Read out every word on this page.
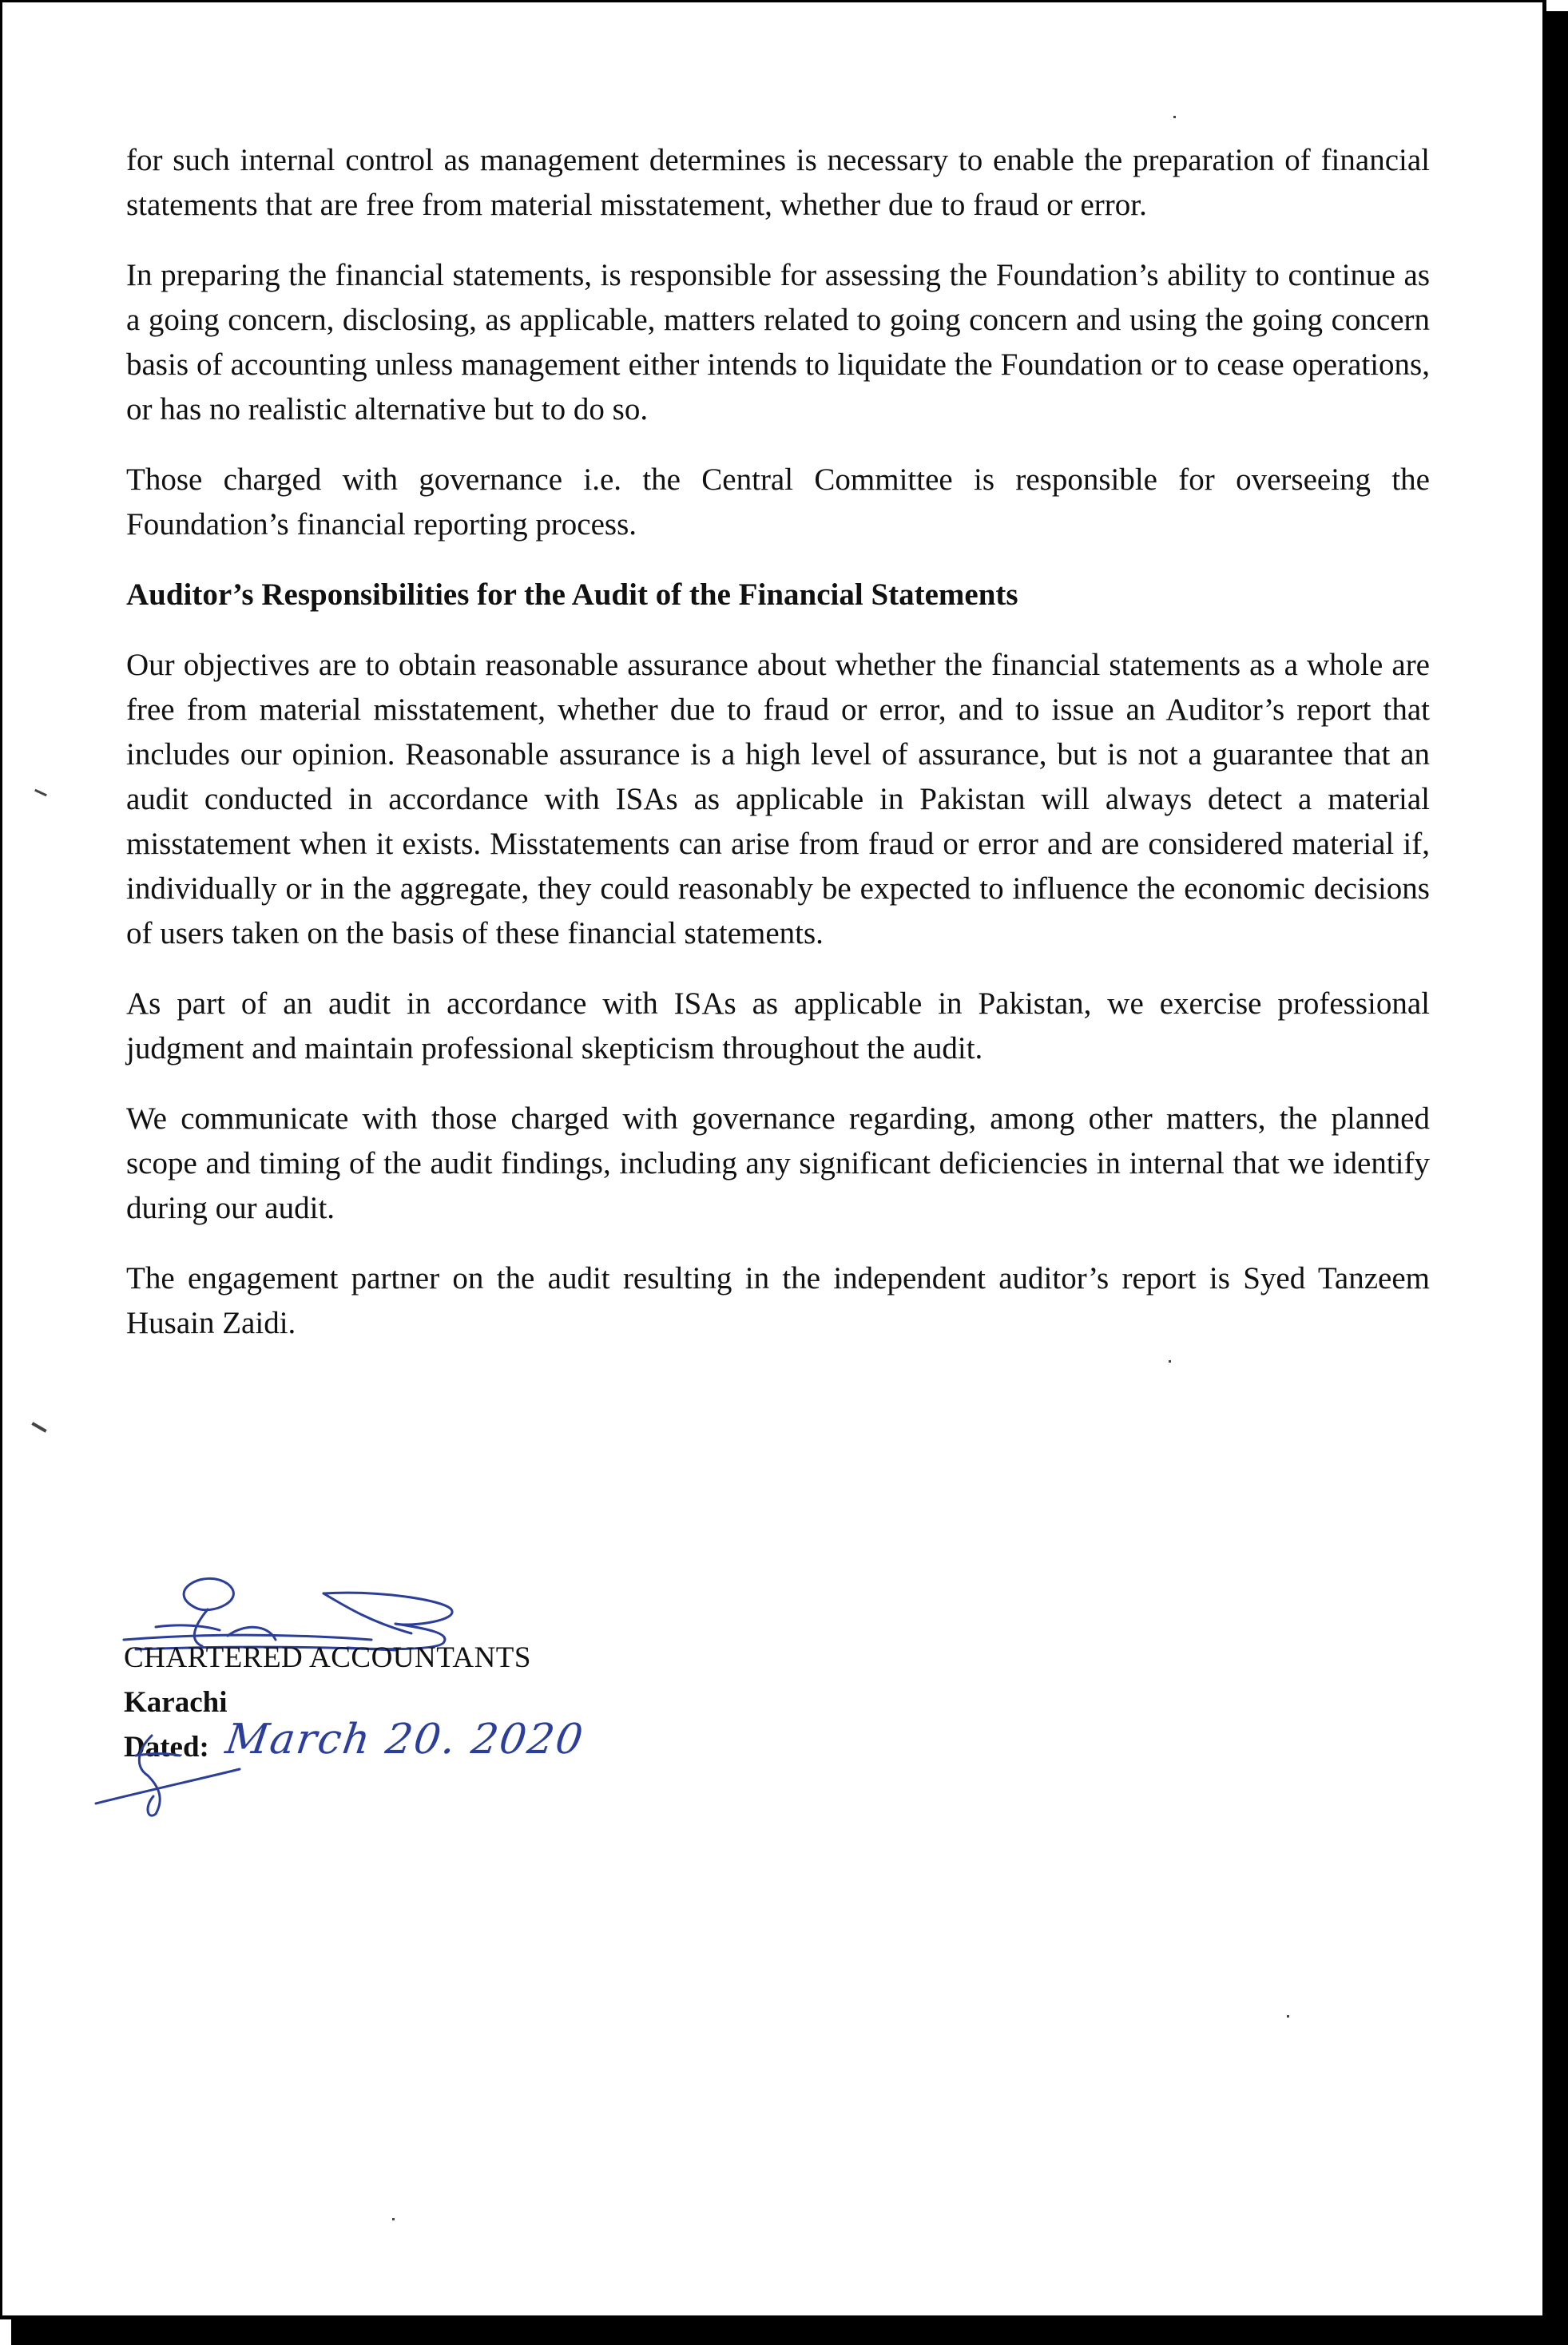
for such internal control as management determines is necessary to enable the preparation of financial statements that are free from material misstatement, whether due to fraud or error.

In preparing the financial statements, is responsible for assessing the Foundation’s ability to continue as a going concern, disclosing, as applicable, matters related to going concern and using the going concern basis of accounting unless management either intends to liquidate the Foundation or to cease operations, or has no realistic alternative but to do so.

Those charged with governance i.e. the Central Committee is responsible for overseeing the Foundation’s financial reporting process.

Auditor’s Responsibilities for the Audit of the Financial Statements

Our objectives are to obtain reasonable assurance about whether the financial statements as a whole are free from material misstatement, whether due to fraud or error, and to issue an Auditor’s report that includes our opinion. Reasonable assurance is a high level of assurance, but is not a guarantee that an audit conducted in accordance with ISAs as applicable in Pakistan will always detect a material misstatement when it exists. Misstatements can arise from fraud or error and are considered material if, individually or in the aggregate, they could reasonably be expected to influence the economic decisions of users taken on the basis of these financial statements.

As part of an audit in accordance with ISAs as applicable in Pakistan, we exercise professional judgment and maintain professional skepticism throughout the audit.

We communicate with those charged with governance regarding, among other matters, the planned scope and timing of the audit findings, including any significant deficiencies in internal that we identify during our audit.

The engagement partner on the audit resulting in the independent auditor’s report is Syed Tanzeem Husain Zaidi.

CHARTERED ACCOUNTANTS
Karachi
Dated: March 20. 2020
